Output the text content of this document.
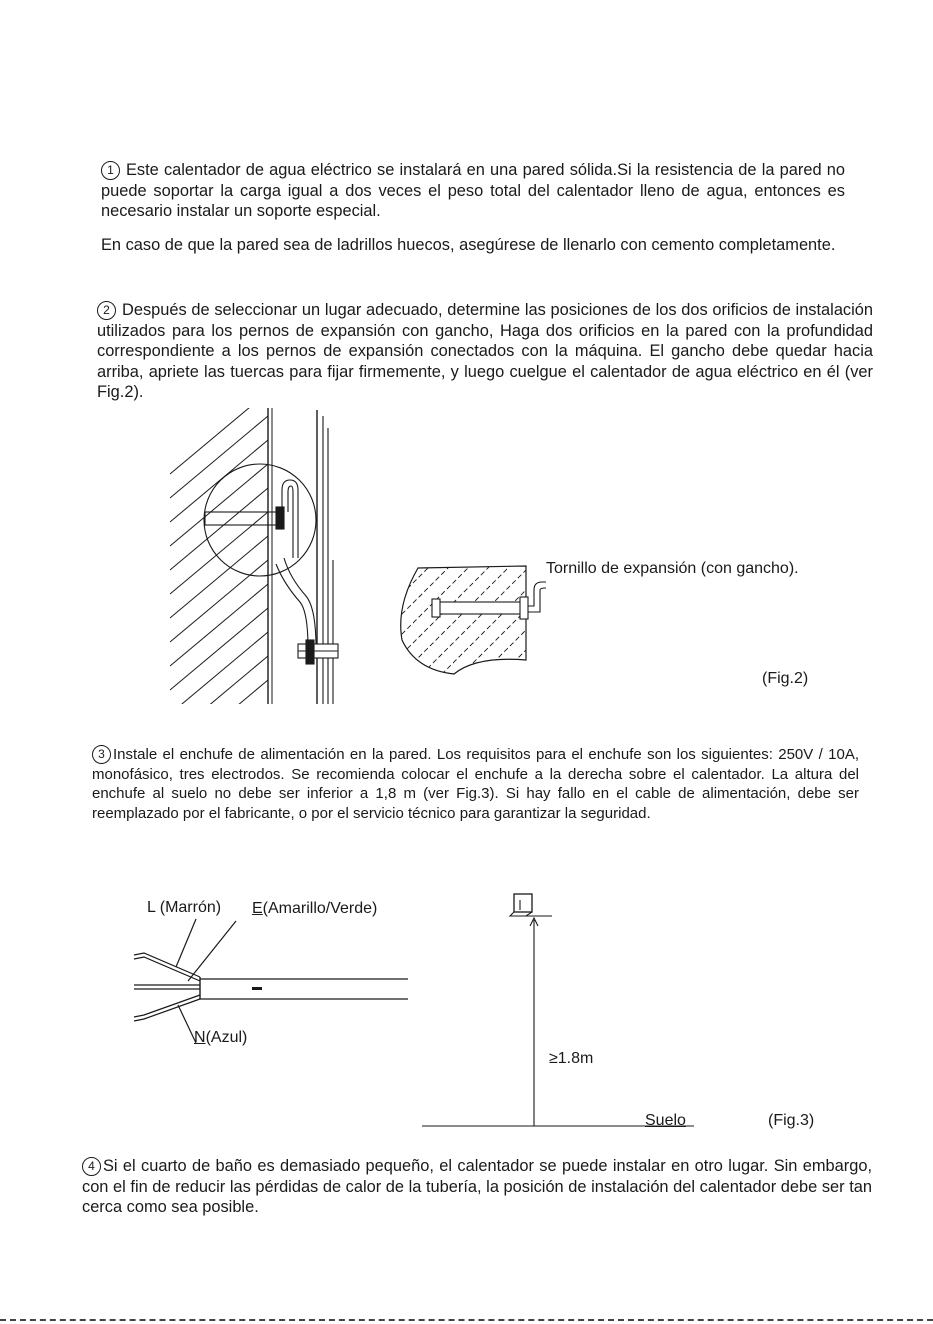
1 Este calentador de agua eléctrico se instalará en una pared sólida.Si la resistencia de la pared no puede soportar la carga igual a dos veces el peso total del calentador lleno de agua, entonces es necesario instalar un soporte especial.

En caso de que la pared sea de ladrillos huecos, asegúrese de llenarlo con cemento completamente.

2 Después de seleccionar un lugar adecuado, determine las posiciones de los dos orificios de instalación utilizados para los pernos de expansión con gancho, Haga dos orificios en la pared con la profundidad correspondiente a los pernos de expansión conectados con la máquina. El gancho debe quedar hacia arriba, apriete las tuercas para fijar firmemente, y luego cuelgue el calentador de agua eléctrico en él (ver Fig.2).

Tornillo de expansión (con gancho).
(Fig.2)

3 Instale el enchufe de alimentación en la pared. Los requisitos para el enchufe son los siguientes: 250V / 10A, monofásico, tres electrodos. Se recomienda colocar el enchufe a la derecha sobre el calentador. La altura del enchufe al suelo no debe ser inferior a 1,8 m (ver Fig.3). Si hay fallo en el cable de alimentación, debe ser reemplazado por el fabricante, o por el servicio técnico para garantizar la seguridad.

L (Marrón) E(Amarillo/Verde)
N(Azul)
≥1.8m
Suelo	(Fig.3)

4 Si el cuarto de baño es demasiado pequeño, el calentador se puede instalar en otro lugar. Sin embargo, con el fin de reducir las pérdidas de calor de la tubería, la posición de instalación del calentador debe ser tan cerca como sea posible.
